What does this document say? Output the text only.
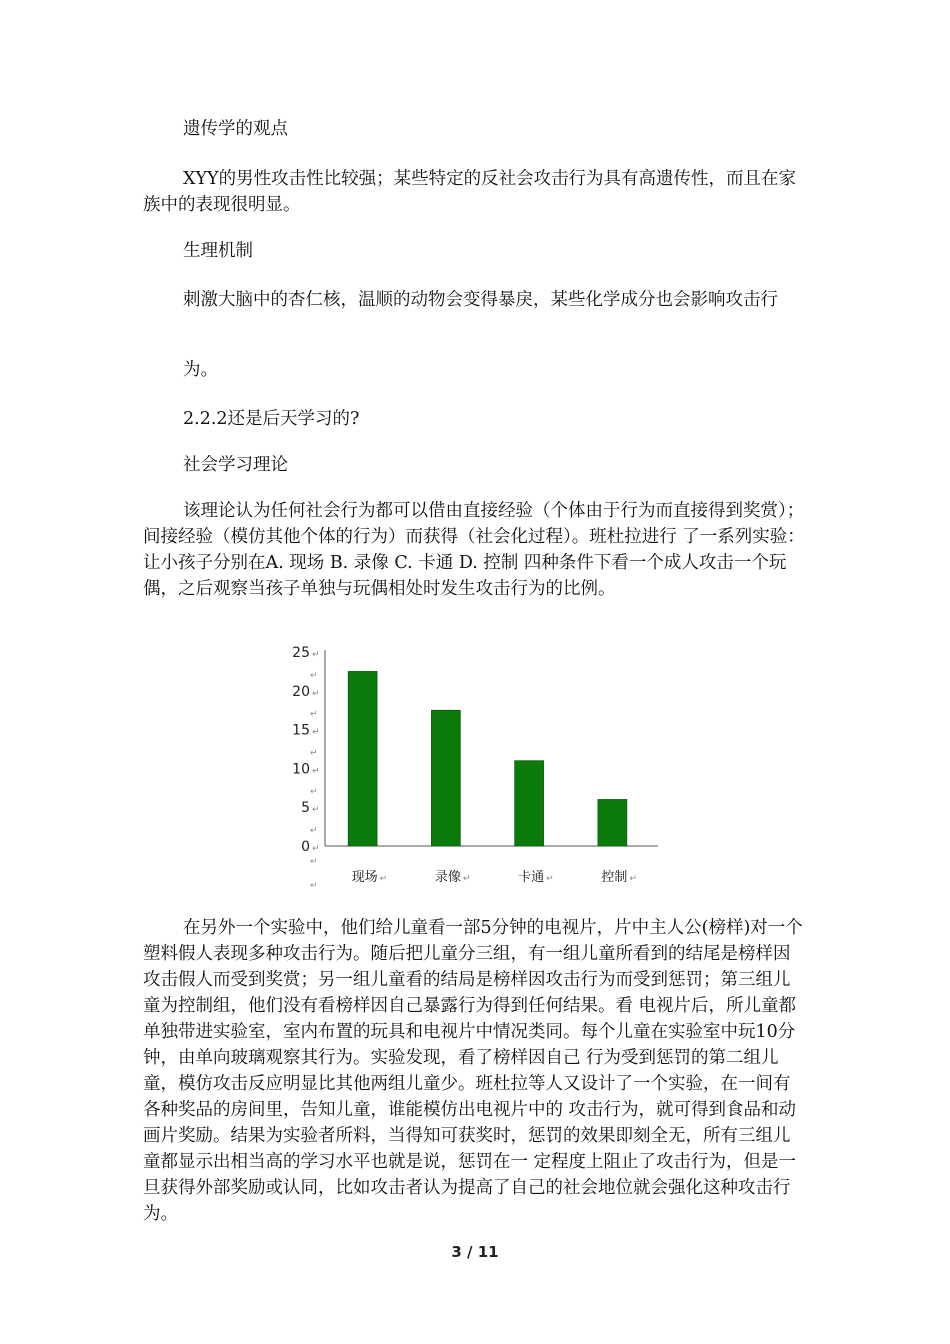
遗传学的观点

XYY的男性攻击性比较强；某些特定的反社会攻击行为具有高遗传性，而且在家族中的表现很明显。

生理机制

刺激大脑中的杏仁核，温顺的动物会变得暴戾，某些化学成分也会影响攻击行

为。

2.2.2还是后天学习的?

社会学习理论

该理论认为任何社会行为都可以借由直接经验（个体由于行为而直接得到奖赏）；间接经验（模仿其他个体的行为）而获得（社会化过程）。班杜拉进行 了一系列实验：让小孩子分别在A. 现场 B. 录像 C. 卡通 D. 控制 四种条件下看一个成人攻击一个玩偶，之后观察当孩子单独与玩偶相处时发生攻击行为的比例。

0 ↵
↵
5 ↵
↵
10 ↵
↵
15 ↵
↵
20 ↵
↵
25 ↵
↵
↵
现场 ↵	录像 ↵	卡通 ↵	控制 ↵

在另外一个实验中，他们给儿童看一部5分钟的电视片，片中主人公(榜样)对一个塑料假人表现多种攻击行为。随后把儿童分三组，有一组儿童所看到的结尾是榜样因攻击假人而受到奖赏；另一组儿童看的结局是榜样因攻击行为而受到惩罚；第三组儿童为控制组，他们没有看榜样因自己暴露行为得到任何结果。看 电视片后，所儿童都单独带进实验室，室内布置的玩具和电视片中情况类同。每个儿童在实验室中玩10分钟，由单向玻璃观察其行为。实验发现，看了榜样因自己 行为受到惩罚的第二组儿童，模仿攻击反应明显比其他两组儿童少。班杜拉等人又设计了一个实验，在一间有各种奖品的房间里，告知儿童，谁能模仿出电视片中的 攻击行为，就可得到食品和动画片奖励。结果为实验者所料，当得知可获奖时，惩罚的效果即刻全无，所有三组儿童都显示出相当高的学习水平也就是说，惩罚在一 定程度上阻止了攻击行为，但是一旦获得外部奖励或认同，比如攻击者认为提高了自己的社会地位就会强化这种攻击行为。

3 / 11
